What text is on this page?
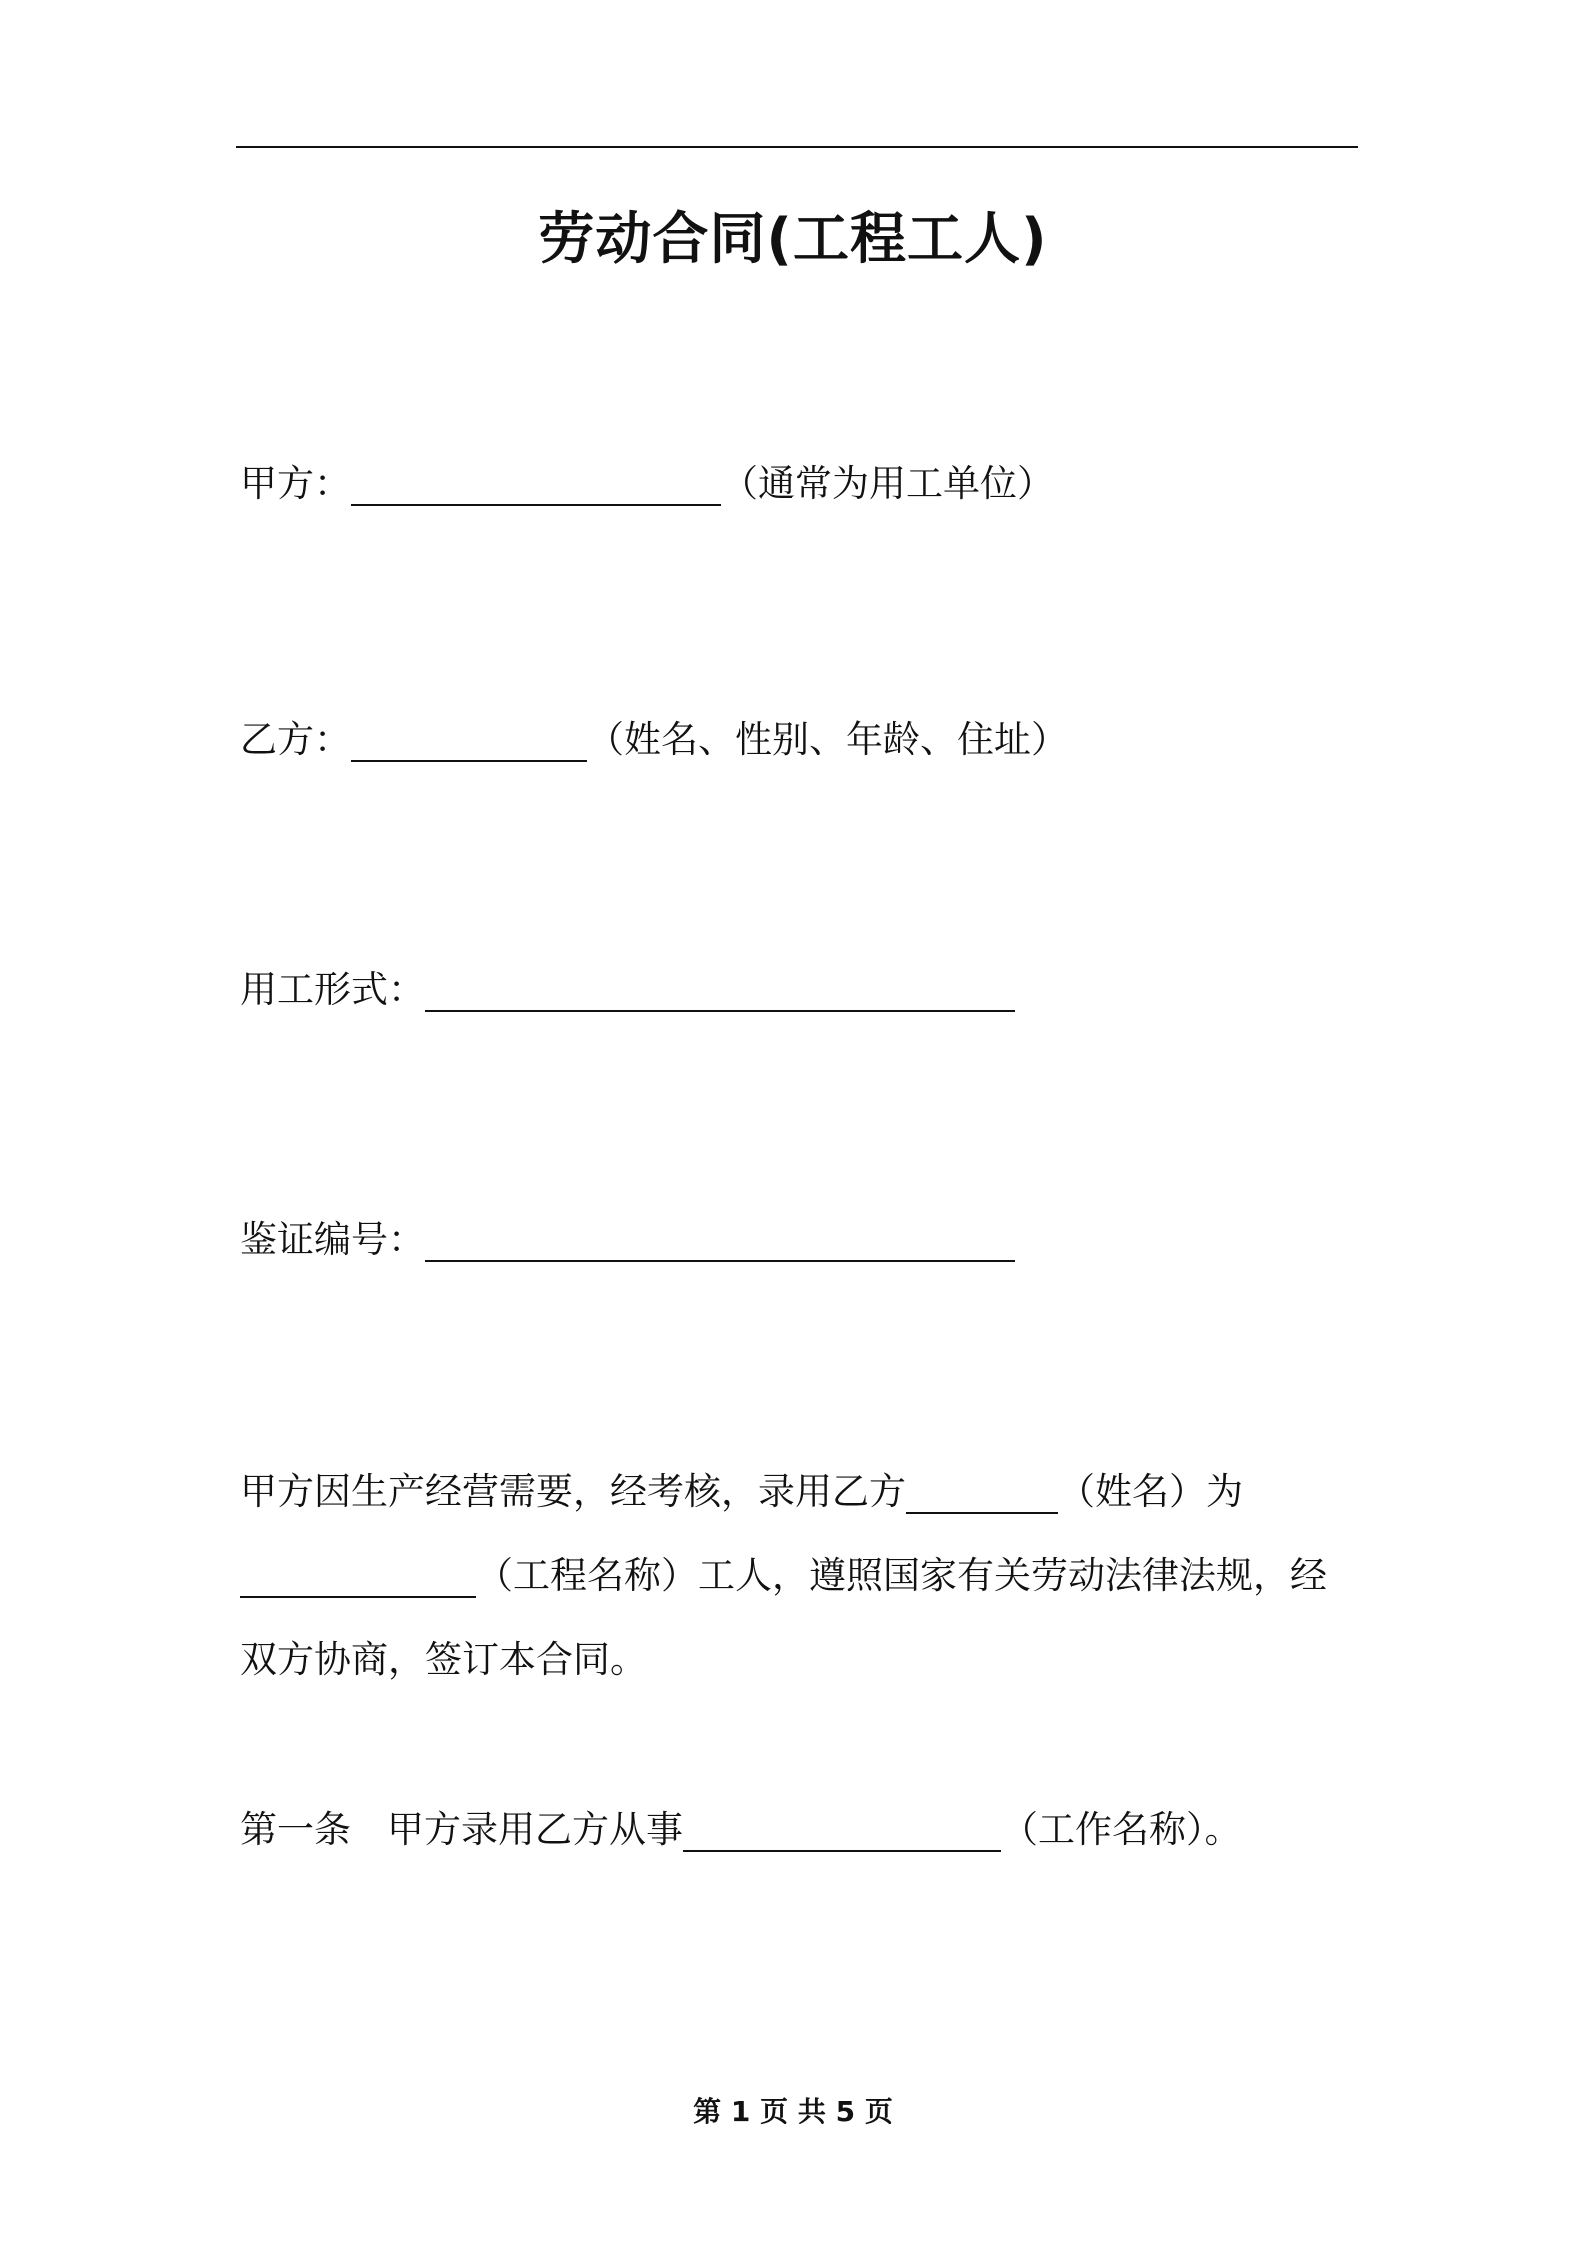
劳动合同(工程工人)
甲方：	（通常为用工单位）
乙方：	（姓名、性别、年龄、住址）
用工形式：
鉴证编号：
甲方因生产经营需要，经考核，录用乙方	（姓名）为
（工程名称）工人，遵照国家有关劳动法律法规，经
双方协商，签订本合同。
第一条 甲方录用乙方从事	（工作名称）。
第 1 页 共 5 页
